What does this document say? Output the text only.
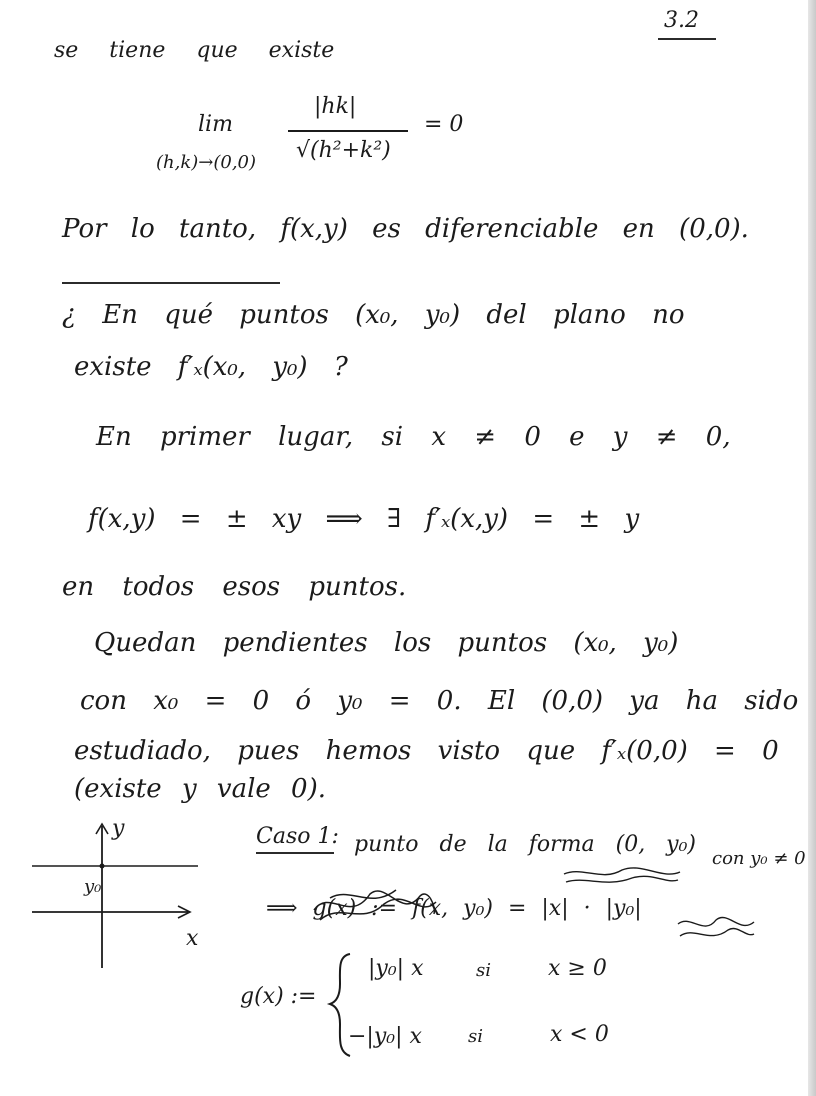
3.2
se tiene que existe
lim
(h,k)→(0,0)
|hk|
√(h²+k²)
= 0
Por lo tanto, f(x,y) es diferenciable en (0,0).
¿ En qué puntos (x₀, y₀) del plano no
existe f′ₓ(x₀, y₀) ?
En primer lugar, si x ≠ 0 e y ≠ 0,
f(x,y) = ± xy ⟹ ∃ f′ₓ(x,y) = ± y
en todos esos puntos.
Quedan pendientes los puntos (x₀, y₀)
con x₀ = 0 ó y₀ = 0. El (0,0) ya ha sido
estudiado, pues hemos visto que f′ₓ(0,0) = 0
(existe y vale 0).
y
x
y₀
Caso 1: punto de la forma (0, y₀)
con y₀ ≠ 0
⟹ g(x) := f(x, y₀) = |x| · |y₀|
g(x) :=
|y₀| x	si	x ≥ 0
−|y₀| x	si	x < 0
